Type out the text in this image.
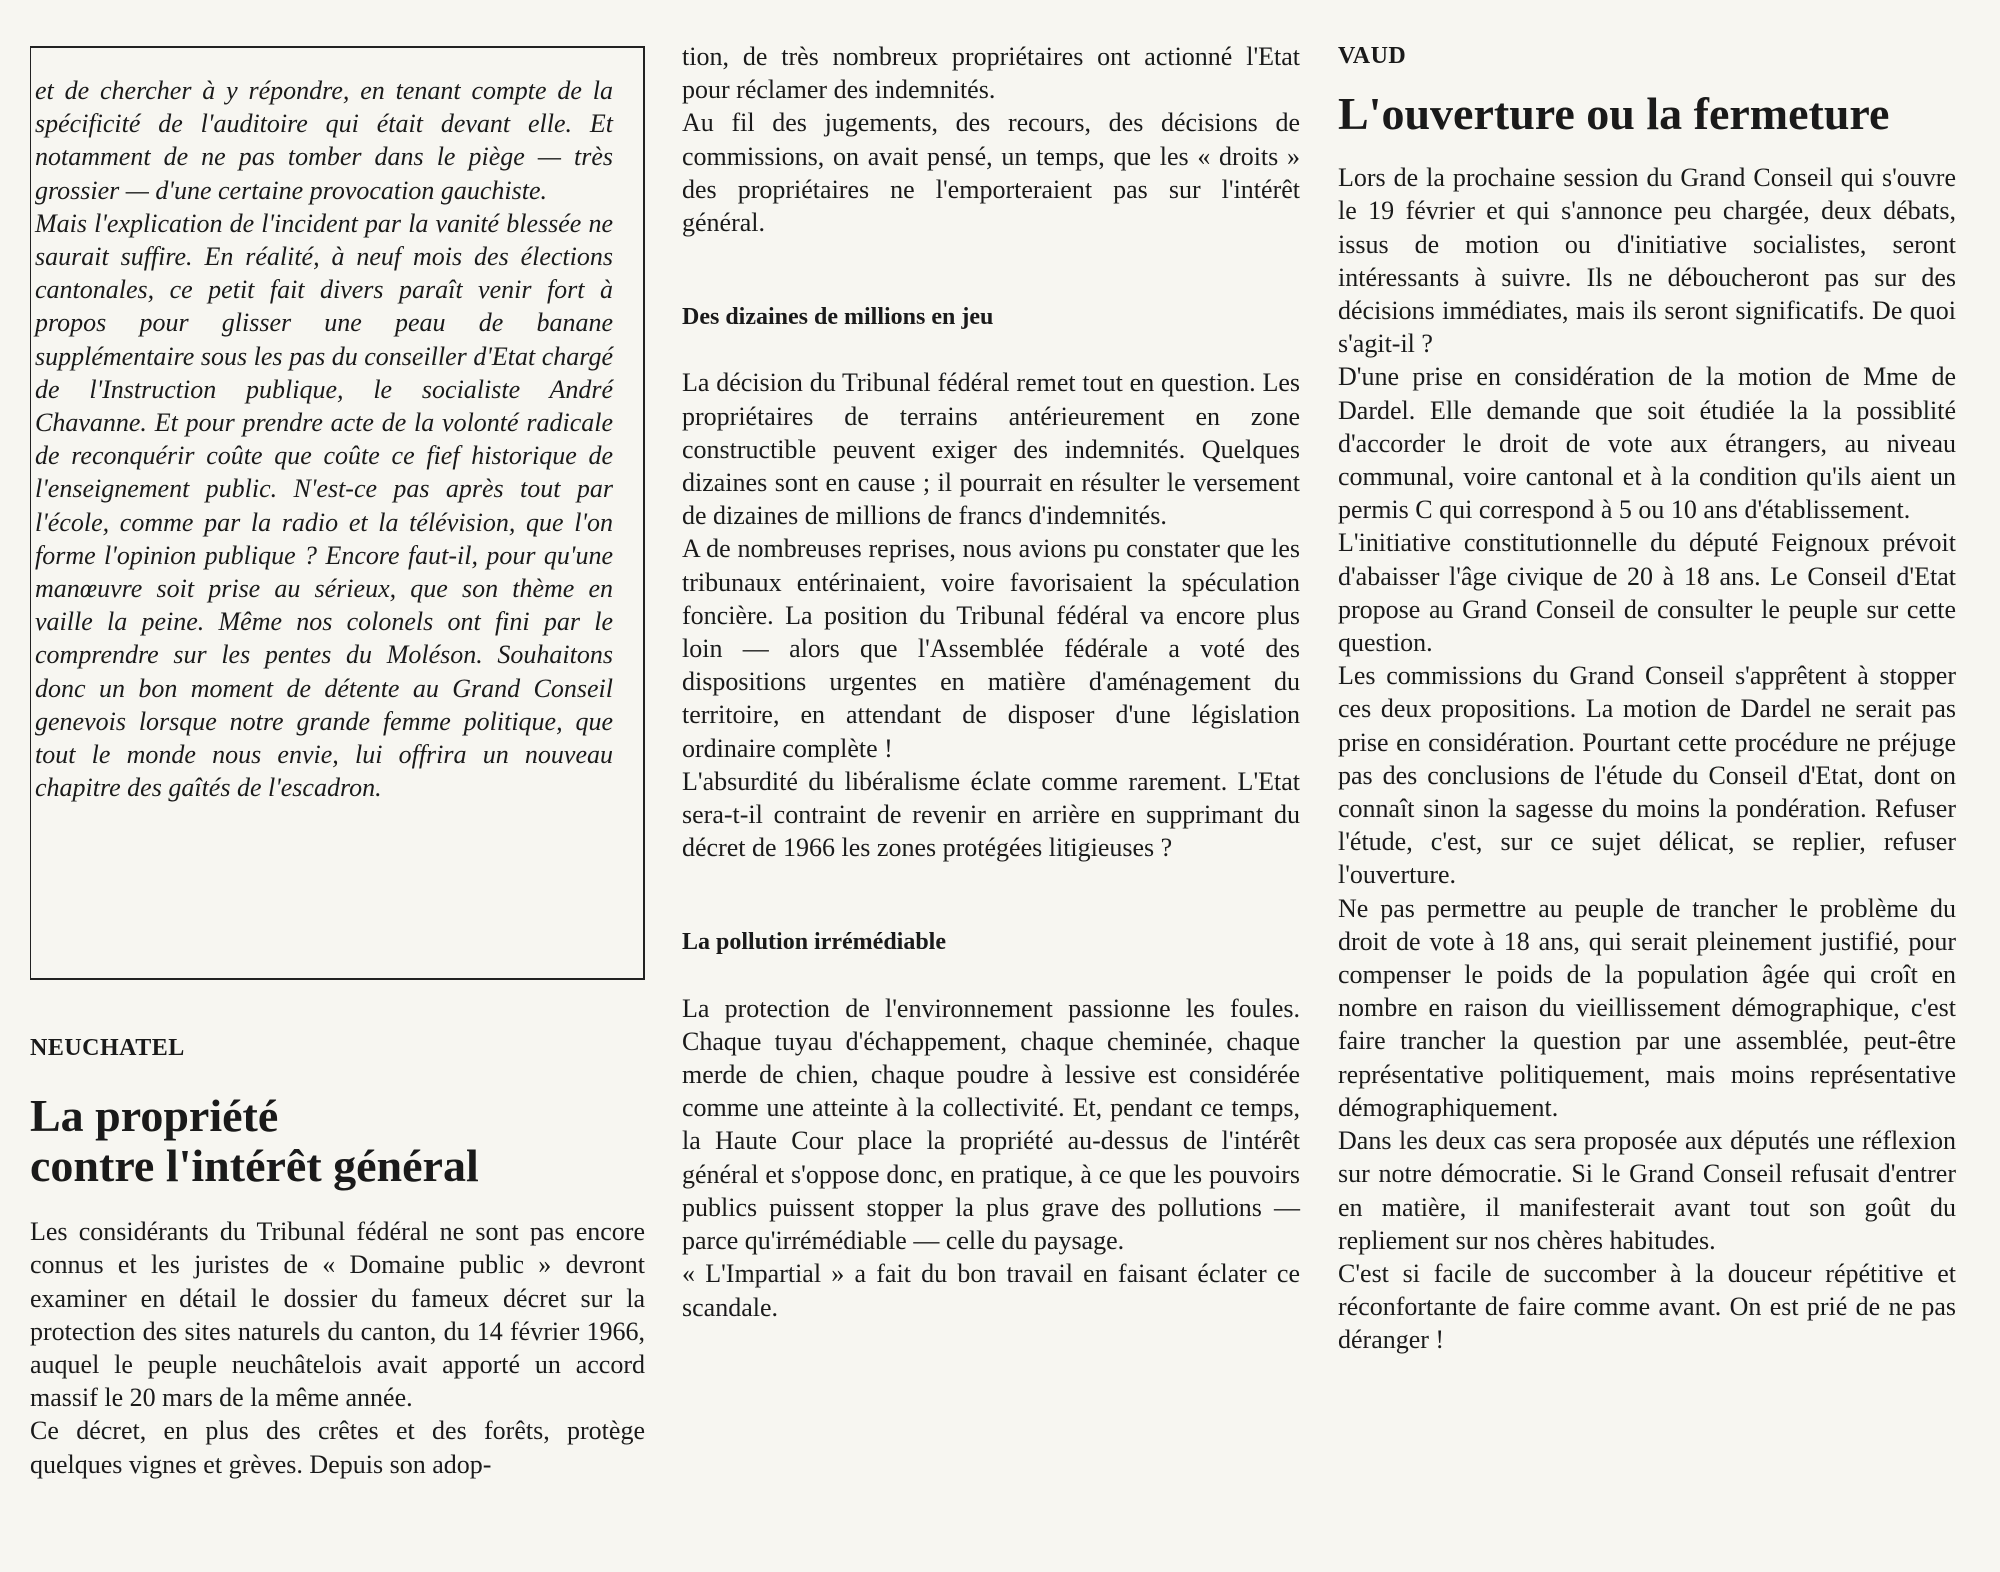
et de chercher à y répondre, en tenant compte de la spécificité de l'auditoire qui était devant elle. Et notamment de ne pas tomber dans le piège — très grossier — d'une certaine provocation gauchiste.

Mais l'explication de l'incident par la vanité blessée ne saurait suffire. En réalité, à neuf mois des élections cantonales, ce petit fait divers paraît venir fort à propos pour glisser une peau de banane supplémentaire sous les pas du conseiller d'Etat chargé de l'Instruction publique, le socialiste André Chavanne. Et pour prendre acte de la volonté radicale de reconquérir coûte que coûte ce fief historique de l'enseignement public. N'est-ce pas après tout par l'école, comme par la radio et la télévision, que l'on forme l'opinion publique ? Encore faut-il, pour qu'une manœuvre soit prise au sérieux, que son thème en vaille la peine. Même nos colonels ont fini par le comprendre sur les pentes du Moléson. Souhaitons donc un bon moment de détente au Grand Conseil genevois lorsque notre grande femme politique, que tout le monde nous envie, lui offrira un nouveau chapitre des gaîtés de l'escadron.

NEUCHATEL

La propriété
contre l'intérêt général

Les considérants du Tribunal fédéral ne sont pas encore connus et les juristes de « Domaine public » devront examiner en détail le dossier du fameux décret sur la protection des sites naturels du canton, du 14 février 1966, auquel le peuple neuchâtelois avait apporté un accord massif le 20 mars de la même année.

Ce décret, en plus des crêtes et des forêts, protège quelques vignes et grèves. Depuis son adop-

tion, de très nombreux propriétaires ont actionné l'Etat pour réclamer des indemnités.

Au fil des jugements, des recours, des décisions de commissions, on avait pensé, un temps, que les « droits » des propriétaires ne l'emporteraient pas sur l'intérêt général.

Des dizaines de millions en jeu

La décision du Tribunal fédéral remet tout en question. Les propriétaires de terrains antérieurement en zone constructible peuvent exiger des indemnités. Quelques dizaines sont en cause ; il pourrait en résulter le versement de dizaines de millions de francs d'indemnités.

A de nombreuses reprises, nous avions pu constater que les tribunaux entérinaient, voire favorisaient la spéculation foncière. La position du Tribunal fédéral va encore plus loin — alors que l'Assemblée fédérale a voté des dispositions urgentes en matière d'aménagement du territoire, en attendant de disposer d'une législation ordinaire complète !

L'absurdité du libéralisme éclate comme rarement. L'Etat sera-t-il contraint de revenir en arrière en supprimant du décret de 1966 les zones protégées litigieuses ?

La pollution irrémédiable

La protection de l'environnement passionne les foules. Chaque tuyau d'échappement, chaque cheminée, chaque merde de chien, chaque poudre à lessive est considérée comme une atteinte à la collectivité. Et, pendant ce temps, la Haute Cour place la propriété au-dessus de l'intérêt général et s'oppose donc, en pratique, à ce que les pouvoirs publics puissent stopper la plus grave des pollutions — parce qu'irrémédiable — celle du paysage.

« L'Impartial » a fait du bon travail en faisant éclater ce scandale.

VAUD

L'ouverture ou la fermeture

Lors de la prochaine session du Grand Conseil qui s'ouvre le 19 février et qui s'annonce peu chargée, deux débats, issus de motion ou d'initiative socialistes, seront intéressants à suivre. Ils ne déboucheront pas sur des décisions immédiates, mais ils seront significatifs. De quoi s'agit-il ?

D'une prise en considération de la motion de Mme de Dardel. Elle demande que soit étudiée la la possiblité d'accorder le droit de vote aux étrangers, au niveau communal, voire cantonal et à la condition qu'ils aient un permis C qui correspond à 5 ou 10 ans d'établissement.

L'initiative constitutionnelle du député Feignoux prévoit d'abaisser l'âge civique de 20 à 18 ans. Le Conseil d'Etat propose au Grand Conseil de consulter le peuple sur cette question.

Les commissions du Grand Conseil s'apprêtent à stopper ces deux propositions. La motion de Dardel ne serait pas prise en considération. Pourtant cette procédure ne préjuge pas des conclusions de l'étude du Conseil d'Etat, dont on connaît sinon la sagesse du moins la pondération. Refuser l'étude, c'est, sur ce sujet délicat, se replier, refuser l'ouverture.

Ne pas permettre au peuple de trancher le problème du droit de vote à 18 ans, qui serait pleinement justifié, pour compenser le poids de la population âgée qui croît en nombre en raison du vieillissement démographique, c'est faire trancher la question par une assemblée, peut-être représentative politiquement, mais moins représentative démographiquement.

Dans les deux cas sera proposée aux députés une réflexion sur notre démocratie. Si le Grand Conseil refusait d'entrer en matière, il manifesterait avant tout son goût du repliement sur nos chères habitudes.

C'est si facile de succomber à la douceur répétitive et réconfortante de faire comme avant. On est prié de ne pas déranger !
